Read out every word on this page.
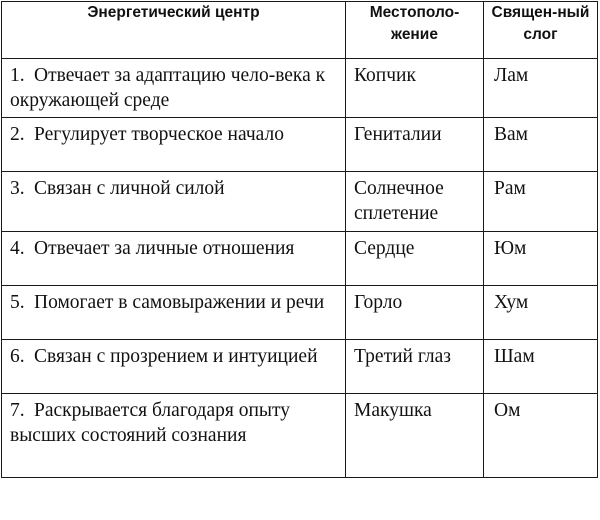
Энергетический центр	Местополо-жение	Священ-ный слог

1. Отвечает за адаптацию чело-века к окружающей среде	Копчик	Лам

2. Регулирует творческое начало	Гениталии	Вам

3. Связан с личной силой	Солнечное сплетение	Рам

4. Отвечает за личные отношения	Сердце	Юм

5. Помогает в самовыражении и речи	Горло	Хум

6. Связан с прозрением и интуицией	Третий глаз	Шам

7. Раскрывается благодаря опыту высших состояний сознания	Макушка	Ом
